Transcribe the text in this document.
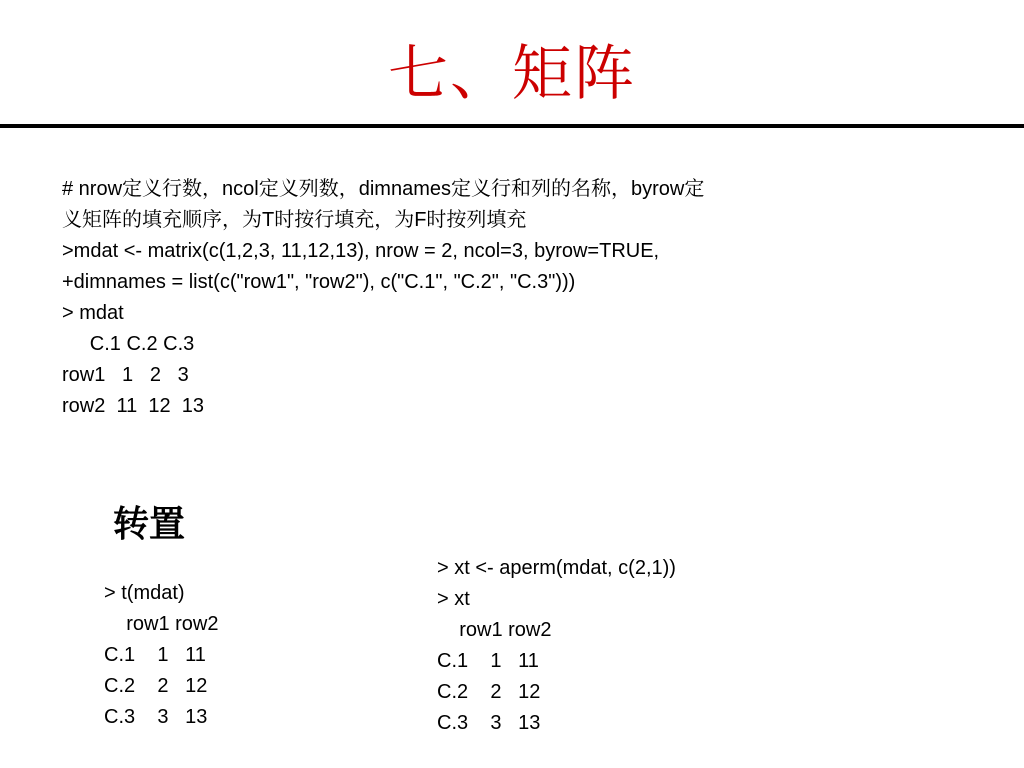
七、矩阵
# nrow定义行数，ncol定义列数，dimnames定义行和列的名称，byrow定
义矩阵的填充顺序，为T时按行填充，为F时按列填充
>mdat <- matrix(c(1,2,3, 11,12,13), nrow = 2, ncol=3, byrow=TRUE,
+dimnames = list(c("row1", "row2"), c("C.1", "C.2", "C.3")))
> mdat
C.1 C.2 C.3
row1   1   2   3
row2  11  12  13
转置
> t(mdat)
row1 row2
C.1    1   11
C.2    2   12
C.3    3   13
> xt <- aperm(mdat, c(2,1))
> xt
row1 row2
C.1    1   11
C.2    2   12
C.3    3   13
